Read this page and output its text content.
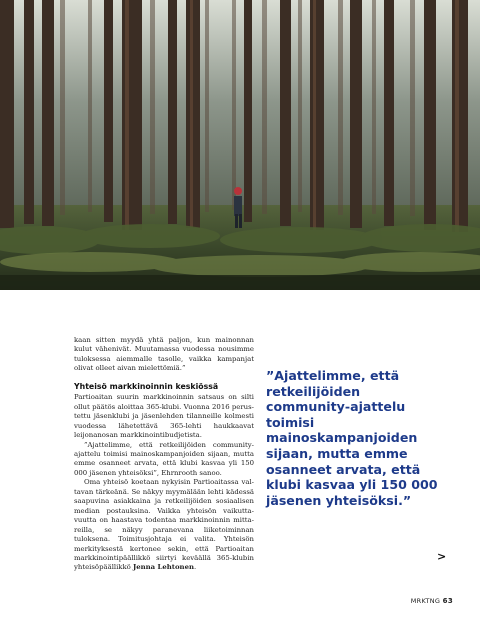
kaan sitten myydä yhtä paljon, kun mainonnan kulut vähenivät. Muutamassa vuodessa nousimme tuloksessa aiemmalle tasolle, vaikka kampanjat olivat olleet aivan mielettömiä.”

Yhteisö markkinoinnin keskiössä

Partioaitan suurin markkinoinnin satsaus on silti ollut päätös aloittaa 365-klubi. Vuonna 2016 perustettu jäsenklubi ja jäsenlehden tilanneille kolmesti vuodessa lähetettävä 365-lehti haukkaavat leijonanosan markkinointibudjetista.

”Ajattelimme, että retkeilijöiden community-ajattelu toimisi mainoskampanjoiden sijaan, mutta emme osanneet arvata, että klubi kasvaa yli 150 000 jäsenen yhteisöksi”, Ehrnrooth sanoo.

Oma yhteisö koetaan nykyisin Partioaitassa valtavan tärkeänä. Se näkyy myymälään lehti kädessä saapuvina asiakkaina ja retkeilijöiden sosiaalisen median postauksina. Vaikka yhteisön vaikuttavuutta on haastava todentaa markkinoinnin mittareilla, se näkyy paranevana liiketoiminnan tuloksena. Toimitusjohtaja ei valita. Yhteisön merkityksestä kertonee sekin, että Partioaitan markkinointipäällikkö siirtyi keväällä 365-klubin yhteisöpäällikkö Jenna Lehtonen.

”Ajattelimme, että retkeilijöiden community-ajattelu toimisi mainoskampanjoiden sijaan, mutta emme osanneet arvata, että klubi kasvaa yli 150 000 jäsenen yhteisöksi.”

>
MRKTNG 63
